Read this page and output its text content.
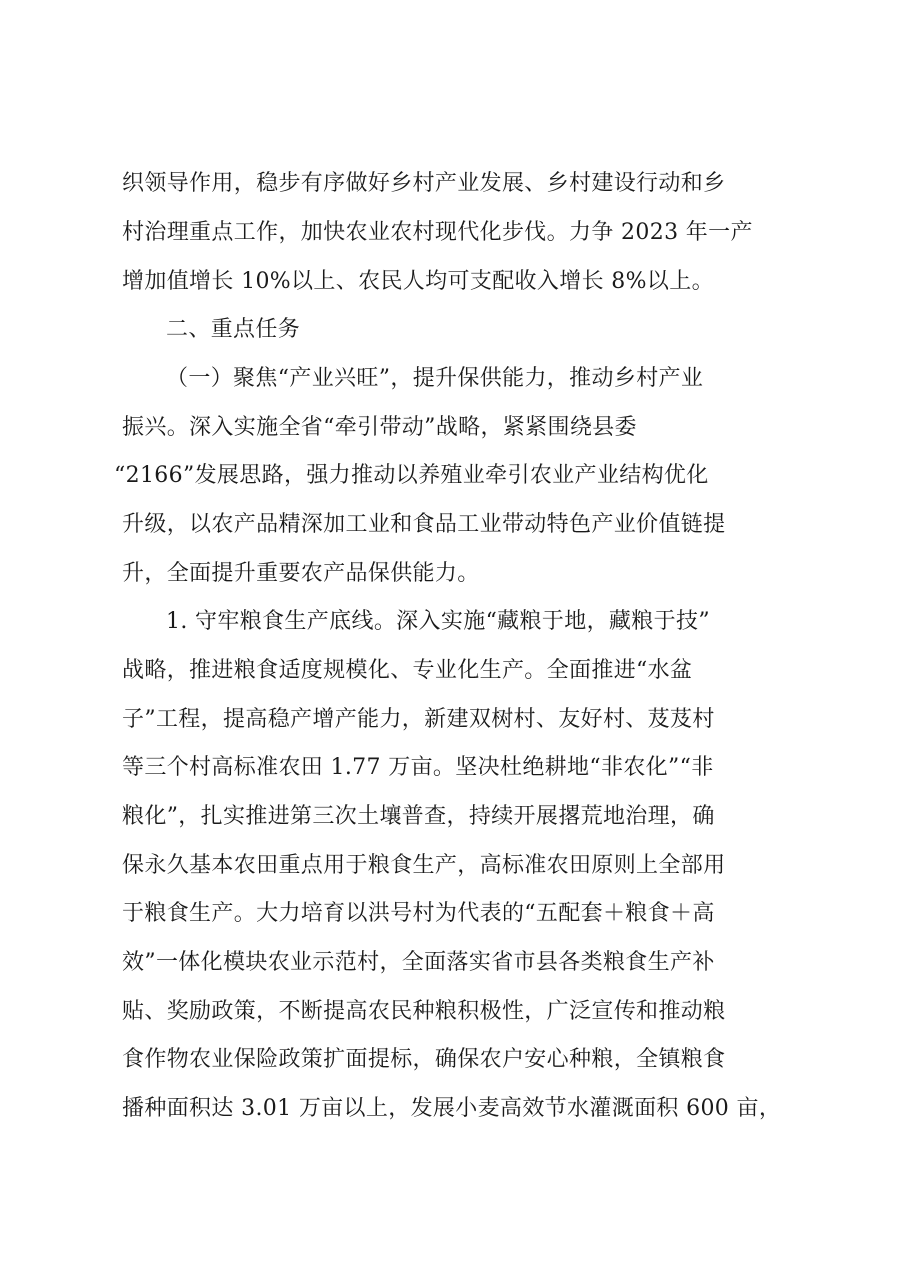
织领导作用，稳步有序做好乡村产业发展、乡村建设行动和乡
村治理重点工作，加快农业农村现代化步伐。力争 2023 年一产
增加值增长 10%以上、农民人均可支配收入增长 8%以上。
二、重点任务
（一）聚焦“产业兴旺”，提升保供能力，推动乡村产业
振兴。深入实施全省“牵引带动”战略，紧紧围绕县委
“2166”发展思路，强力推动以养殖业牵引农业产业结构优化
升级，以农产品精深加工业和食品工业带动特色产业价值链提
升，全面提升重要农产品保供能力。
1. 守牢粮食生产底线。深入实施“藏粮于地，藏粮于技”
战略，推进粮食适度规模化、专业化生产。全面推进“水盆
子”工程，提高稳产增产能力，新建双树村、友好村、芨芨村
等三个村高标准农田 1.77 万亩。坚决杜绝耕地“非农化”“非
粮化”，扎实推进第三次土壤普查，持续开展撂荒地治理，确
保永久基本农田重点用于粮食生产，高标准农田原则上全部用
于粮食生产。大力培育以洪号村为代表的“五配套＋粮食＋高
效”一体化模块农业示范村，全面落实省市县各类粮食生产补
贴、奖励政策，不断提高农民种粮积极性，广泛宣传和推动粮
食作物农业保险政策扩面提标，确保农户安心种粮，全镇粮食
播种面积达 3.01 万亩以上，发展小麦高效节水灌溉面积 600 亩，
